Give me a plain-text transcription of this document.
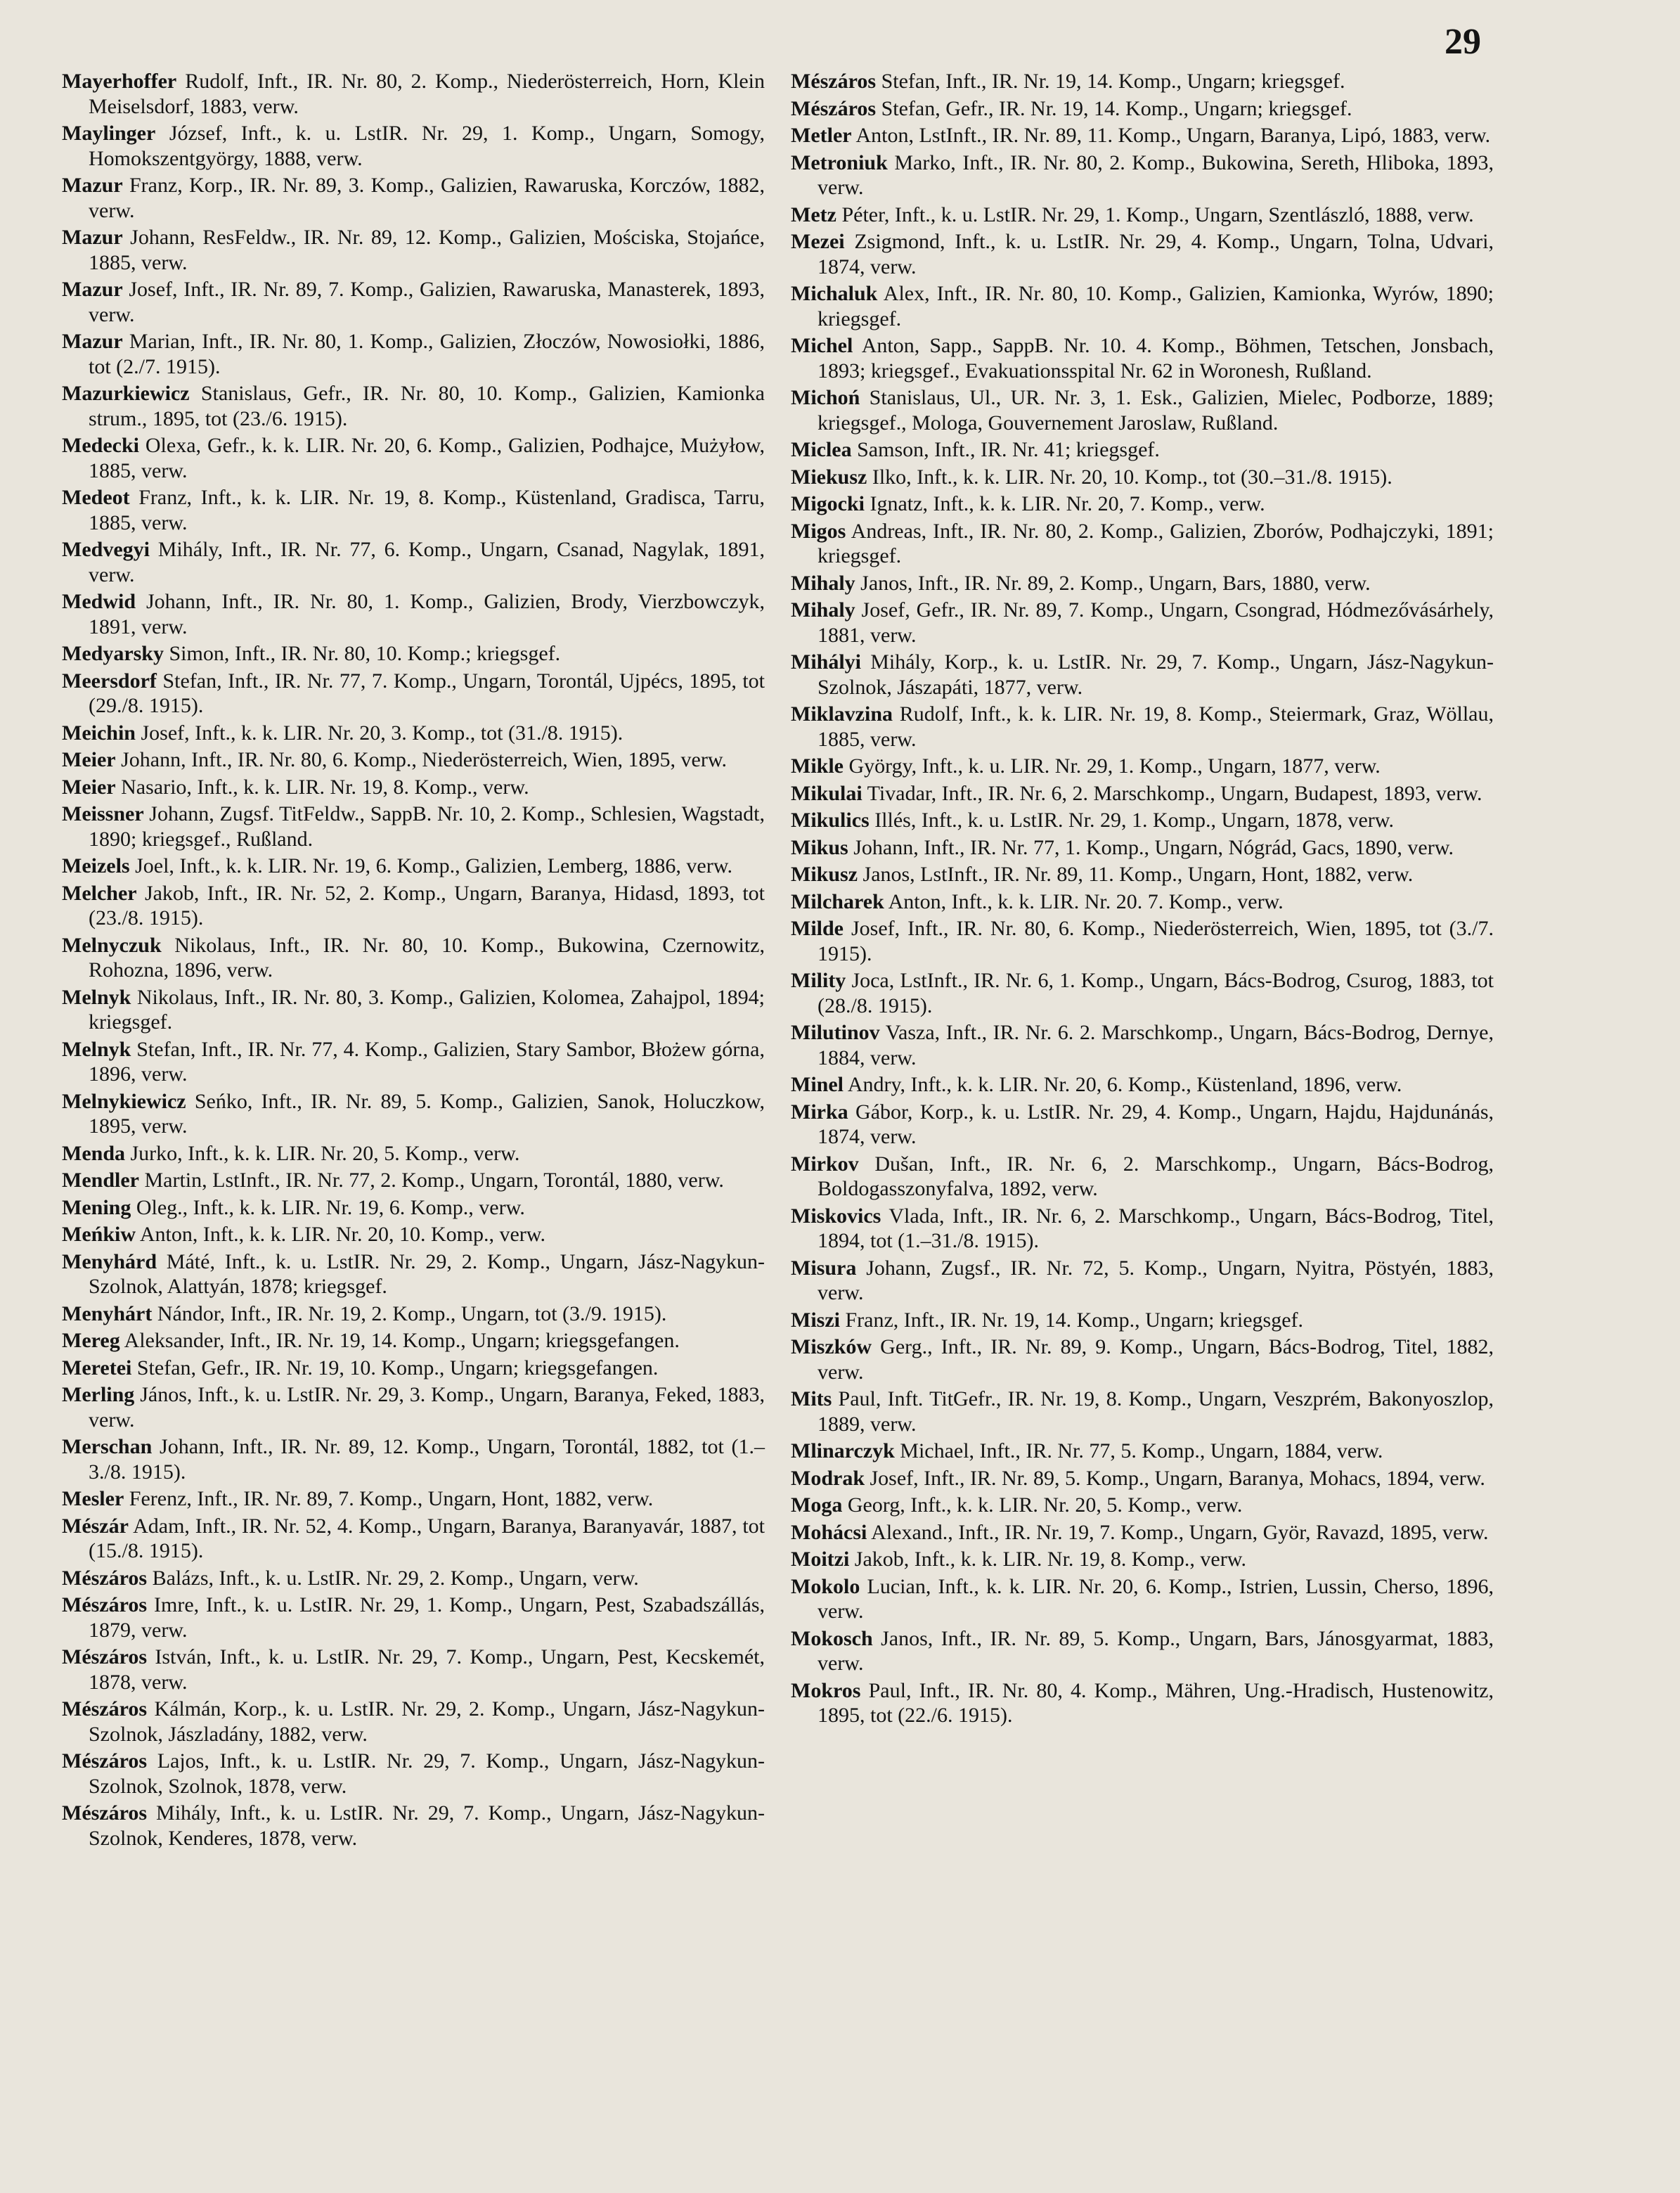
29
Mayerhoffer Rudolf, Inft., IR. Nr. 80, 2. Komp., Niederösterreich, Horn, Klein Meiselsdorf, 1883, verw.
Maylinger József, Inft., k. u. LstIR. Nr. 29, 1. Komp., Ungarn, Somogy, Homokszentgyörgy, 1888, verw.
Mazur Franz, Korp., IR. Nr. 89, 3. Komp., Galizien, Rawaruska, Korczów, 1882, verw.
Mazur Johann, ResFeldw., IR. Nr. 89, 12. Komp., Galizien, Mościska, Stojańce, 1885, verw.
Mazur Josef, Inft., IR. Nr. 89, 7. Komp., Galizien, Rawaruska, Manasterek, 1893, verw.
Mazur Marian, Inft., IR. Nr. 80, 1. Komp., Galizien, Złoczów, Nowosiołki, 1886, tot (2./7. 1915).
Mazurkiewicz Stanislaus, Gefr., IR. Nr. 80, 10. Komp., Galizien, Kamionka strum., 1895, tot (23./6. 1915).
Medecki Olexa, Gefr., k. k. LIR. Nr. 20, 6. Komp., Galizien, Podhajce, Mużyłow, 1885, verw.
Medeot Franz, Inft., k. k. LIR. Nr. 19, 8. Komp., Küstenland, Gradisca, Tarru, 1885, verw.
Medvegyi Mihály, Inft., IR. Nr. 77, 6. Komp., Ungarn, Csanad, Nagylak, 1891, verw.
Medwid Johann, Inft., IR. Nr. 80, 1. Komp., Galizien, Brody, Vierzbowczyk, 1891, verw.
Medyarsky Simon, Inft., IR. Nr. 80, 10. Komp.; kriegsgef.
Meersdorf Stefan, Inft., IR. Nr. 77, 7. Komp., Ungarn, Torontál, Ujpécs, 1895, tot (29./8. 1915).
Meichin Josef, Inft., k. k. LIR. Nr. 20, 3. Komp., tot (31./8. 1915).
Meier Johann, Inft., IR. Nr. 80, 6. Komp., Niederösterreich, Wien, 1895, verw.
Meier Nasario, Inft., k. k. LIR. Nr. 19, 8. Komp., verw.
Meissner Johann, Zugsf. TitFeldw., SappB. Nr. 10, 2. Komp., Schlesien, Wagstadt, 1890; kriegsgef., Rußland.
Meizels Joel, Inft., k. k. LIR. Nr. 19, 6. Komp., Galizien, Lemberg, 1886, verw.
Melcher Jakob, Inft., IR. Nr. 52, 2. Komp., Ungarn, Baranya, Hidasd, 1893, tot (23./8. 1915).
Melnyczuk Nikolaus, Inft., IR. Nr. 80, 10. Komp., Bukowina, Czernowitz, Rohozna, 1896, verw.
Melnyk Nikolaus, Inft., IR. Nr. 80, 3. Komp., Galizien, Kolomea, Zahajpol, 1894; kriegsgef.
Melnyk Stefan, Inft., IR. Nr. 77, 4. Komp., Galizien, Stary Sambor, Błożew górna, 1896, verw.
Melnykiewicz Seńko, Inft., IR. Nr. 89, 5. Komp., Galizien, Sanok, Holuczkow, 1895, verw.
Menda Jurko, Inft., k. k. LIR. Nr. 20, 5. Komp., verw.
Mendler Martin, LstInft., IR. Nr. 77, 2. Komp., Ungarn, Torontál, 1880, verw.
Mening Oleg., Inft., k. k. LIR. Nr. 19, 6. Komp., verw.
Meńkiw Anton, Inft., k. k. LIR. Nr. 20, 10. Komp., verw.
Menyhárd Máté, Inft., k. u. LstIR. Nr. 29, 2. Komp., Ungarn, Jász-Nagykun-Szolnok, Alattyán, 1878; kriegsgef.
Menyhárt Nándor, Inft., IR. Nr. 19, 2. Komp., Ungarn, tot (3./9. 1915).
Mereg Aleksander, Inft., IR. Nr. 19, 14. Komp., Ungarn; kriegsgefangen.
Meretei Stefan, Gefr., IR. Nr. 19, 10. Komp., Ungarn; kriegsgefangen.
Merling János, Inft., k. u. LstIR. Nr. 29, 3. Komp., Ungarn, Baranya, Feked, 1883, verw.
Merschan Johann, Inft., IR. Nr. 89, 12. Komp., Ungarn, Torontál, 1882, tot (1.–3./8. 1915).
Mesler Ferenz, Inft., IR. Nr. 89, 7. Komp., Ungarn, Hont, 1882, verw.
Mészár Adam, Inft., IR. Nr. 52, 4. Komp., Ungarn, Baranya, Baranyavár, 1887, tot (15./8. 1915).
Mészáros Balázs, Inft., k. u. LstIR. Nr. 29, 2. Komp., Ungarn, verw.
Mészáros Imre, Inft., k. u. LstIR. Nr. 29, 1. Komp., Ungarn, Pest, Szabadszállás, 1879, verw.
Mészáros István, Inft., k. u. LstIR. Nr. 29, 7. Komp., Ungarn, Pest, Kecskemét, 1878, verw.
Mészáros Kálmán, Korp., k. u. LstIR. Nr. 29, 2. Komp., Ungarn, Jász-Nagykun-Szolnok, Jászladány, 1882, verw.
Mészáros Lajos, Inft., k. u. LstIR. Nr. 29, 7. Komp., Ungarn, Jász-Nagykun-Szolnok, Szolnok, 1878, verw.
Mészáros Mihály, Inft., k. u. LstIR. Nr. 29, 7. Komp., Ungarn, Jász-Nagykun-Szolnok, Kenderes, 1878, verw.
Mészáros Stefan, Inft., IR. Nr. 19, 14. Komp., Ungarn; kriegsgef.
Mészáros Stefan, Gefr., IR. Nr. 19, 14. Komp., Ungarn; kriegsgef.
Metler Anton, LstInft., IR. Nr. 89, 11. Komp., Ungarn, Baranya, Lipó, 1883, verw.
Metroniuk Marko, Inft., IR. Nr. 80, 2. Komp., Bukowina, Sereth, Hliboka, 1893, verw.
Metz Péter, Inft., k. u. LstIR. Nr. 29, 1. Komp., Ungarn, Szentlászló, 1888, verw.
Mezei Zsigmond, Inft., k. u. LstIR. Nr. 29, 4. Komp., Ungarn, Tolna, Udvari, 1874, verw.
Michaluk Alex, Inft., IR. Nr. 80, 10. Komp., Galizien, Kamionka, Wyrów, 1890; kriegsgef.
Michel Anton, Sapp., SappB. Nr. 10. 4. Komp., Böhmen, Tetschen, Jonsbach, 1893; kriegsgef., Evakuationsspital Nr. 62 in Woronesh, Rußland.
Michoń Stanislaus, Ul., UR. Nr. 3, 1. Esk., Galizien, Mielec, Podborze, 1889; kriegsgef., Mologa, Gouvernement Jaroslaw, Rußland.
Miclea Samson, Inft., IR. Nr. 41; kriegsgef.
Miekusz Ilko, Inft., k. k. LIR. Nr. 20, 10. Komp., tot (30.–31./8. 1915).
Migocki Ignatz, Inft., k. k. LIR. Nr. 20, 7. Komp., verw.
Migos Andreas, Inft., IR. Nr. 80, 2. Komp., Galizien, Zborów, Podhajczyki, 1891; kriegsgef.
Mihaly Janos, Inft., IR. Nr. 89, 2. Komp., Ungarn, Bars, 1880, verw.
Mihaly Josef, Gefr., IR. Nr. 89, 7. Komp., Ungarn, Csongrad, Hódmezővásárhely, 1881, verw.
Mihályi Mihály, Korp., k. u. LstIR. Nr. 29, 7. Komp., Ungarn, Jász-Nagykun-Szolnok, Jászapáti, 1877, verw.
Miklavzina Rudolf, Inft., k. k. LIR. Nr. 19, 8. Komp., Steiermark, Graz, Wöllau, 1885, verw.
Mikle György, Inft., k. u. LIR. Nr. 29, 1. Komp., Ungarn, 1877, verw.
Mikulai Tivadar, Inft., IR. Nr. 6, 2. Marschkomp., Ungarn, Budapest, 1893, verw.
Mikulics Illés, Inft., k. u. LstIR. Nr. 29, 1. Komp., Ungarn, 1878, verw.
Mikus Johann, Inft., IR. Nr. 77, 1. Komp., Ungarn, Nógrád, Gacs, 1890, verw.
Mikusz Janos, LstInft., IR. Nr. 89, 11. Komp., Ungarn, Hont, 1882, verw.
Milcharek Anton, Inft., k. k. LIR. Nr. 20. 7. Komp., verw.
Milde Josef, Inft., IR. Nr. 80, 6. Komp., Niederösterreich, Wien, 1895, tot (3./7. 1915).
Mility Joca, LstInft., IR. Nr. 6, 1. Komp., Ungarn, Bács-Bodrog, Csurog, 1883, tot (28./8. 1915).
Milutinov Vasza, Inft., IR. Nr. 6. 2. Marschkomp., Ungarn, Bács-Bodrog, Dernye, 1884, verw.
Minel Andry, Inft., k. k. LIR. Nr. 20, 6. Komp., Küstenland, 1896, verw.
Mirka Gábor, Korp., k. u. LstIR. Nr. 29, 4. Komp., Ungarn, Hajdu, Hajdunánás, 1874, verw.
Mirkov Dušan, Inft., IR. Nr. 6, 2. Marschkomp., Ungarn, Bács-Bodrog, Boldogasszonyfalva, 1892, verw.
Miskovics Vlada, Inft., IR. Nr. 6, 2. Marschkomp., Ungarn, Bács-Bodrog, Titel, 1894, tot (1.–31./8. 1915).
Misura Johann, Zugsf., IR. Nr. 72, 5. Komp., Ungarn, Nyitra, Pöstyén, 1883, verw.
Miszi Franz, Inft., IR. Nr. 19, 14. Komp., Ungarn; kriegsgef.
Miszków Gerg., Inft., IR. Nr. 89, 9. Komp., Ungarn, Bács-Bodrog, Titel, 1882, verw.
Mits Paul, Inft. TitGefr., IR. Nr. 19, 8. Komp., Ungarn, Veszprém, Bakonyoszlop, 1889, verw.
Mlinarczyk Michael, Inft., IR. Nr. 77, 5. Komp., Ungarn, 1884, verw.
Modrak Josef, Inft., IR. Nr. 89, 5. Komp., Ungarn, Baranya, Mohacs, 1894, verw.
Moga Georg, Inft., k. k. LIR. Nr. 20, 5. Komp., verw.
Mohácsi Alexand., Inft., IR. Nr. 19, 7. Komp., Ungarn, Györ, Ravazd, 1895, verw.
Moitzi Jakob, Inft., k. k. LIR. Nr. 19, 8. Komp., verw.
Mokolo Lucian, Inft., k. k. LIR. Nr. 20, 6. Komp., Istrien, Lussin, Cherso, 1896, verw.
Mokosch Janos, Inft., IR. Nr. 89, 5. Komp., Ungarn, Bars, Jánosgyarmat, 1883, verw.
Mokros Paul, Inft., IR. Nr. 80, 4. Komp., Mähren, Ung.-Hradisch, Hustenowitz, 1895, tot (22./6. 1915).
